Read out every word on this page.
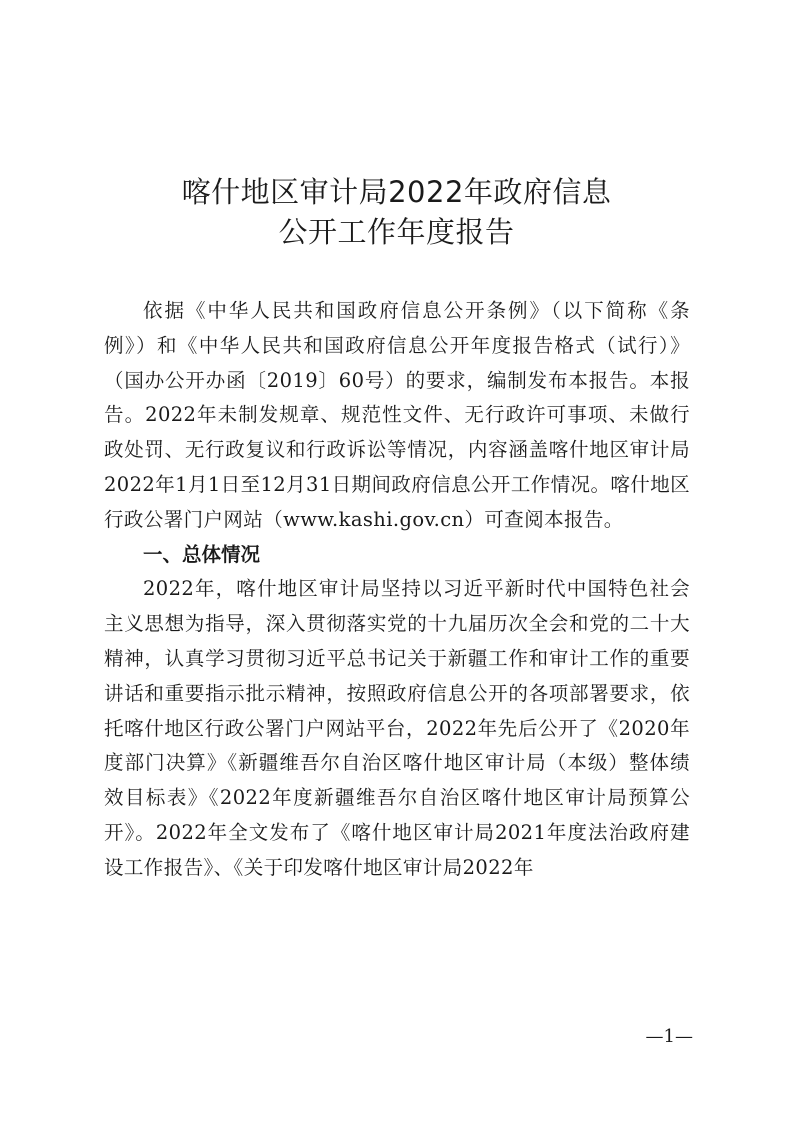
喀什地区审计局2022年政府信息
公开工作年度报告

依据《中华人民共和国政府信息公开条例》（以下简称《条例》）和《中华人民共和国政府信息公开年度报告格式（试行）》（国办公开办函〔2019〕60号）的要求，编制发布本报告。本报告。2022年未制发规章、规范性文件、无行政许可事项、未做行政处罚、无行政复议和行政诉讼等情况，内容涵盖喀什地区审计局2022年1月1日至12月31日期间政府信息公开工作情况。喀什地区行政公署门户网站（www.kashi.gov.cn）可查阅本报告。

一、总体情况

2022年，喀什地区审计局坚持以习近平新时代中国特色社会主义思想为指导，深入贯彻落实党的十九届历次全会和党的二十大精神，认真学习贯彻习近平总书记关于新疆工作和审计工作的重要讲话和重要指示批示精神，按照政府信息公开的各项部署要求，依托喀什地区行政公署门户网站平台，2022年先后公开了《2020年度部门决算》《新疆维吾尔自治区喀什地区审计局（本级）整体绩效目标表》《2022年度新疆维吾尔自治区喀什地区审计局预算公开》。2022年全文发布了《喀什地区审计局2021年度法治政府建设工作报告》、《关于印发喀什地区审计局2022年

—1—
